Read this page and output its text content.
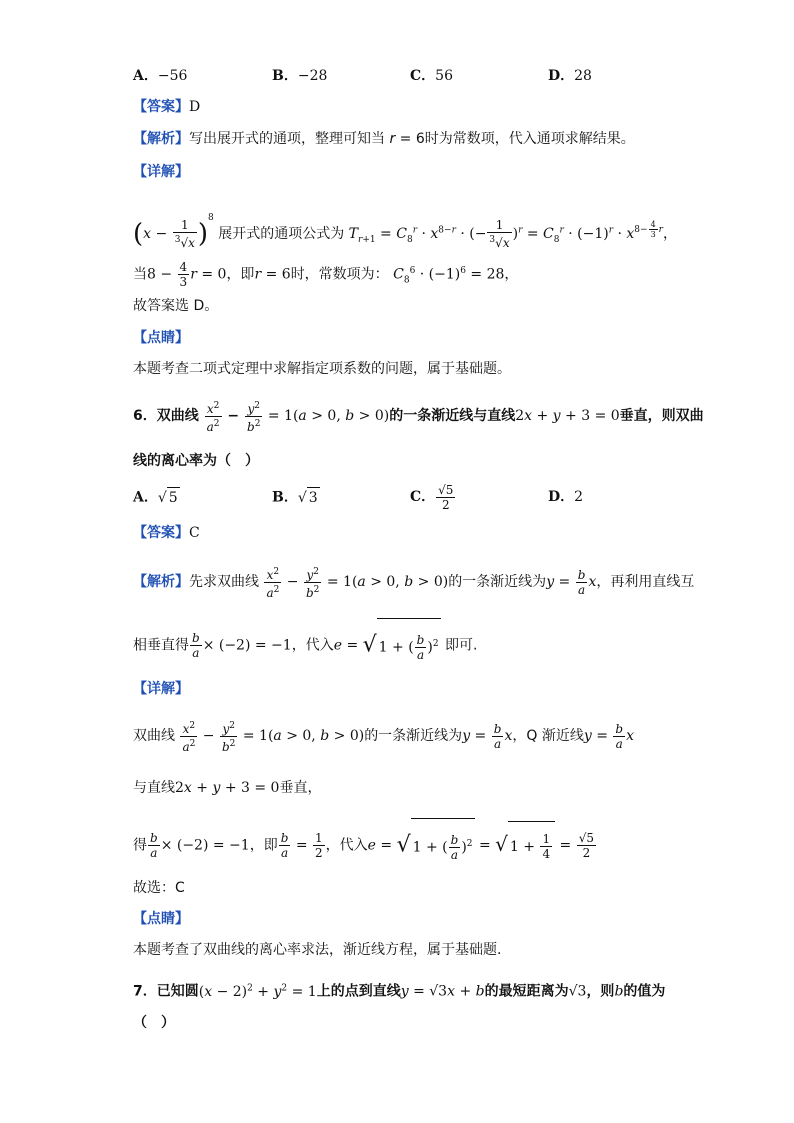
A．−56	B．−28	C．56	D．28
【答案】D
【解析】写出展开式的通项，整理可知当 r = 6时为常数项，代入通项求解结果。
【详解】
$(x - \frac{1}{^3√x} )^8$ 展开式的通项公式为 $T_{r+1} = C_8^r \cdot x^{8-r}$ · (− $\frac{1}{^3√x} )^r = C_8^r \cdot (-1)^r \cdot x^{8- \frac{4}{3} r}$，
当$8 - \frac{4}{3}$ r = 0，即r = 6时，常数项为： $C_8^6 \cdot (-1)^6 = 28$，
故答案选 D。
【点睛】
本题考查二项式定理中求解指定项系数的问题，属于基础题。
6．双曲线 $\frac{x^2}{a^2} - \frac{y^2}{b^2} = 1(a > 0$, b > 0)的一条渐近线与直线2x + y + 3 = 0垂直，则双曲
线的离心率为（　）
A．√ 5	B．√ 3	C． $\frac{√5}{2}$	D．2
【答案】C
【解析】先求双曲线 $\frac{x^2}{a^2} - \frac{y^2}{b^2} = 1(a > 0$, b > 0)的一条渐近线为$y = \frac{b}{a}$ x，再利用直线互
相垂直得 $\frac{b}{a} \times (-2) = -1$，代入e = √ 1 + ( $\frac{b}{a} )^2$ 即可.
【详解】
双曲线 $\frac{x^2}{a^2} - \frac{y^2}{b^2} = 1(a > 0$, b > 0)的一条渐近线为$y = \frac{b}{a}$ x，Q 渐近线$y = \frac{b}{a}$ x
与直线2x + y + 3 = 0垂直，
得 $\frac{b}{a} \times (-2) = -1$，即 $\frac{b}{a} = \frac{1}{2}$ ，代入e = √ 1 + ( $\frac{b}{a} )^2$ = √ $1 + \frac{1}{4} = \frac{√5}{2}$
故选：C
【点睛】
本题考查了双曲线的离心率求法，渐近线方程，属于基础题.
7．已知圆$(x - 2)^2 + y^2 = 1$上的点到直线y = √3x + b的最短距离为√3，则b的值为
（　）
